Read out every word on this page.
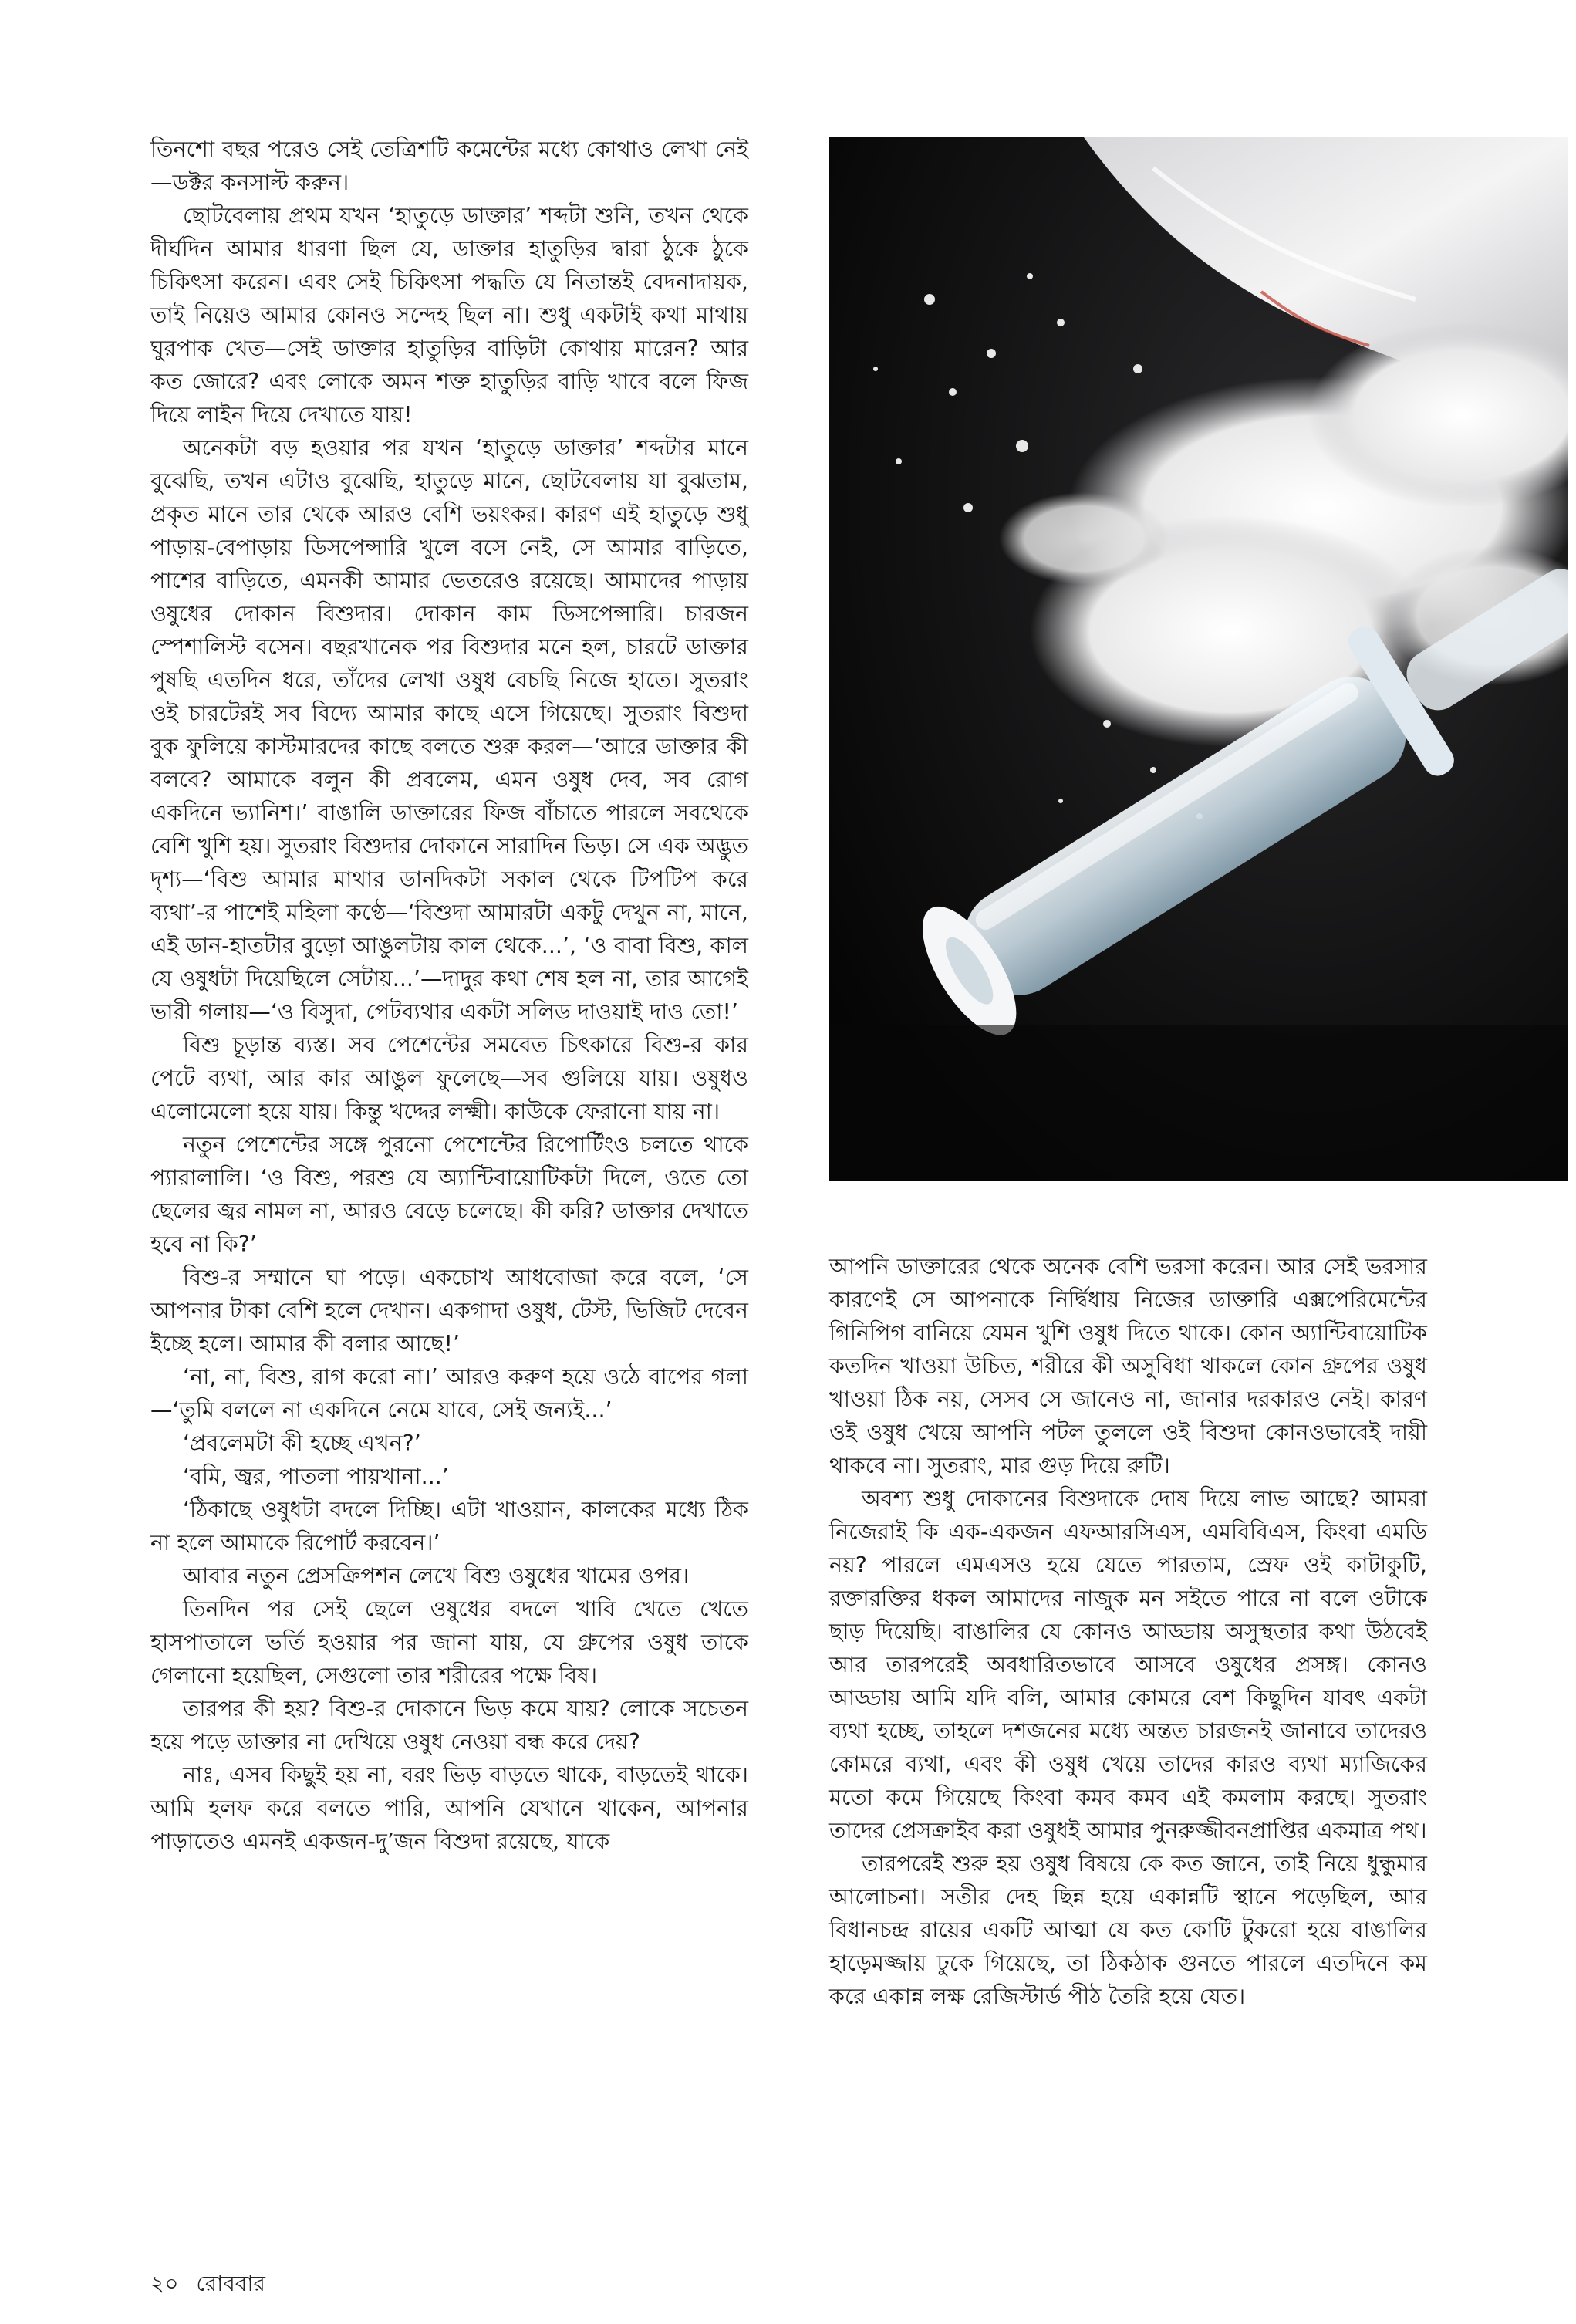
তিনশো বছর পরেও সেই তেত্রিশটি কমেন্টের মধ্যে কোথাও লেখা নেই—ডক্টর কনসাল্ট করুন।

ছোটবেলায় প্রথম যখন ‘হাতুড়ে ডাক্তার’ শব্দটা শুনি, তখন থেকে দীর্ঘদিন আমার ধারণা ছিল যে, ডাক্তার হাতুড়ির দ্বারা ঠুকে ঠুকে চিকিৎসা করেন। এবং সেই চিকিৎসা পদ্ধতি যে নিতান্তই বেদনাদায়ক, তাই নিয়েও আমার কোনও সন্দেহ ছিল না। শুধু একটাই কথা মাথায় ঘুরপাক খেত—সেই ডাক্তার হাতুড়ির বাড়িটা কোথায় মারেন? আর কত জোরে? এবং লোকে অমন শক্ত হাতুড়ির বাড়ি খাবে বলে ফিজ দিয়ে লাইন দিয়ে দেখাতে যায়!

অনেকটা বড় হওয়ার পর যখন ‘হাতুড়ে ডাক্তার’ শব্দটার মানে বুঝেছি, তখন এটাও বুঝেছি, হাতুড়ে মানে, ছোটবেলায় যা বুঝতাম, প্রকৃত মানে তার থেকে আরও বেশি ভয়ংকর। কারণ এই হাতুড়ে শুধু পাড়ায়-বেপাড়ায় ডিসপেন্সারি খুলে বসে নেই, সে আমার বাড়িতে, পাশের বাড়িতে, এমনকী আমার ভেতরেও রয়েছে। আমাদের পাড়ায় ওষুধের দোকান বিশুদার। দোকান কাম ডিসপেন্সারি। চারজন স্পেশালিস্ট বসেন। বছরখানেক পর বিশুদার মনে হল, চারটে ডাক্তার পুষছি এতদিন ধরে, তাঁদের লেখা ওষুধ বেচছি নিজে হাতে। সুতরাং ওই চারটেরই সব বিদ্যে আমার কাছে এসে গিয়েছে। সুতরাং বিশুদা বুক ফুলিয়ে কাস্টমারদের কাছে বলতে শুরু করল—‘আরে ডাক্তার কী বলবে? আমাকে বলুন কী প্রবলেম, এমন ওষুধ দেব, সব রোগ একদিনে ভ্যানিশ।’ বাঙালি ডাক্তারের ফিজ বাঁচাতে পারলে সবথেকে বেশি খুশি হয়। সুতরাং বিশুদার দোকানে সারাদিন ভিড়। সে এক অদ্ভুত দৃশ্য—‘বিশু আমার মাথার ডানদিকটা সকাল থেকে টিপটিপ করে ব্যথা’-র পাশেই মহিলা কণ্ঠে—‘বিশুদা আমারটা একটু দেখুন না, মানে, এই ডান-হাতটার বুড়ো আঙুলটায় কাল থেকে...’, ‘ও বাবা বিশু, কাল যে ওষুধটা দিয়েছিলে সেটায়...’—দাদুর কথা শেষ হল না, তার আগেই ভারী গলায়—‘ও বিসুদা, পেটব্যথার একটা সলিড দাওয়াই দাও তো!’

বিশু চূড়ান্ত ব্যস্ত। সব পেশেন্টের সমবেত চিৎকারে বিশু-র কার পেটে ব্যথা, আর কার আঙুল ফুলেছে—সব গুলিয়ে যায়। ওষুধও এলোমেলো হয়ে যায়। কিন্তু খদ্দের লক্ষ্মী। কাউকে ফেরানো যায় না।

নতুন পেশেন্টের সঙ্গে পুরনো পেশেন্টের রিপোর্টিংও চলতে থাকে প্যারালালি। ‘ও বিশু, পরশু যে অ্যান্টিবায়োটিকটা দিলে, ওতে তো ছেলের জ্বর নামল না, আরও বেড়ে চলেছে। কী করি? ডাক্তার দেখাতে হবে না কি?’

বিশু-র সম্মানে ঘা পড়ে। একচোখ আধবোজা করে বলে, ‘সে আপনার টাকা বেশি হলে দেখান। একগাদা ওষুধ, টেস্ট, ভিজিট দেবেন ইচ্ছে হলে। আমার কী বলার আছে!’

‘না, না, বিশু, রাগ করো না।’ আরও করুণ হয়ে ওঠে বাপের গলা—‘তুমি বললে না একদিনে নেমে যাবে, সেই জন্যই...’

‘প্রবলেমটা কী হচ্ছে এখন?’

‘বমি, জ্বর, পাতলা পায়খানা...’

‘ঠিকাছে ওষুধটা বদলে দিচ্ছি। এটা খাওয়ান, কালকের মধ্যে ঠিক না হলে আমাকে রিপোর্ট করবেন।’

আবার নতুন প্রেসক্রিপশন লেখে বিশু ওষুধের খামের ওপর।

তিনদিন পর সেই ছেলে ওষুধের বদলে খাবি খেতে খেতে হাসপাতালে ভর্তি হওয়ার পর জানা যায়, যে গ্রুপের ওষুধ তাকে গেলানো হয়েছিল, সেগুলো তার শরীরের পক্ষে বিষ।

তারপর কী হয়? বিশু-র দোকানে ভিড় কমে যায়? লোকে সচেতন হয়ে পড়ে ডাক্তার না দেখিয়ে ওষুধ নেওয়া বন্ধ করে দেয়?

নাঃ, এসব কিছুই হয় না, বরং ভিড় বাড়তে থাকে, বাড়তেই থাকে। আমি হলফ করে বলতে পারি, আপনি যেখানে থাকেন, আপনার পাড়াতেও এমনই একজন-দু’জন বিশুদা রয়েছে, যাকে

আপনি ডাক্তারের থেকে অনেক বেশি ভরসা করেন। আর সেই ভরসার কারণেই সে আপনাকে নির্দ্বিধায় নিজের ডাক্তারি এক্সপেরিমেন্টের গিনিপিগ বানিয়ে যেমন খুশি ওষুধ দিতে থাকে। কোন অ্যান্টিবায়োটিক কতদিন খাওয়া উচিত, শরীরে কী অসুবিধা থাকলে কোন গ্রুপের ওষুধ খাওয়া ঠিক নয়, সেসব সে জানেও না, জানার দরকারও নেই। কারণ ওই ওষুধ খেয়ে আপনি পটল তুললে ওই বিশুদা কোনওভাবেই দায়ী থাকবে না। সুতরাং, মার গুড় দিয়ে রুটি।

অবশ্য শুধু দোকানের বিশুদাকে দোষ দিয়ে লাভ আছে? আমরা নিজেরাই কি এক-একজন এফআরসিএস, এমবিবিএস, কিংবা এমডি নয়? পারলে এমএসও হয়ে যেতে পারতাম, স্রেফ ওই কাটাকুটি, রক্তারক্তির ধকল আমাদের নাজুক মন সইতে পারে না বলে ওটাকে ছাড় দিয়েছি। বাঙালির যে কোনও আড্ডায় অসুস্থতার কথা উঠবেই আর তারপরেই অবধারিতভাবে আসবে ওষুধের প্রসঙ্গ। কোনও আড্ডায় আমি যদি বলি, আমার কোমরে বেশ কিছুদিন যাবৎ একটা ব্যথা হচ্ছে, তাহলে দশজনের মধ্যে অন্তত চারজনই জানাবে তাদেরও কোমরে ব্যথা, এবং কী ওষুধ খেয়ে তাদের কারও ব্যথা ম্যাজিকের মতো কমে গিয়েছে কিংবা কমব কমব এই কমলাম করছে। সুতরাং তাদের প্রেসক্রাইব করা ওষুধই আমার পুনরুজ্জীবনপ্রাপ্তির একমাত্র পথ।

তারপরেই শুরু হয় ওষুধ বিষয়ে কে কত জানে, তাই নিয়ে ধুন্ধুমার আলোচনা। সতীর দেহ ছিন্ন হয়ে একান্নটি স্থানে পড়েছিল, আর বিধানচন্দ্র রায়ের একটি আত্মা যে কত কোটি টুকরো হয়ে বাঙালির হাড়েমজ্জায় ঢুকে গিয়েছে, তা ঠিকঠাক গুনতে পারলে এতদিনে কম করে একান্ন লক্ষ রেজিস্টার্ড পীঠ তৈরি হয়ে যেত।

২০ রোববার
